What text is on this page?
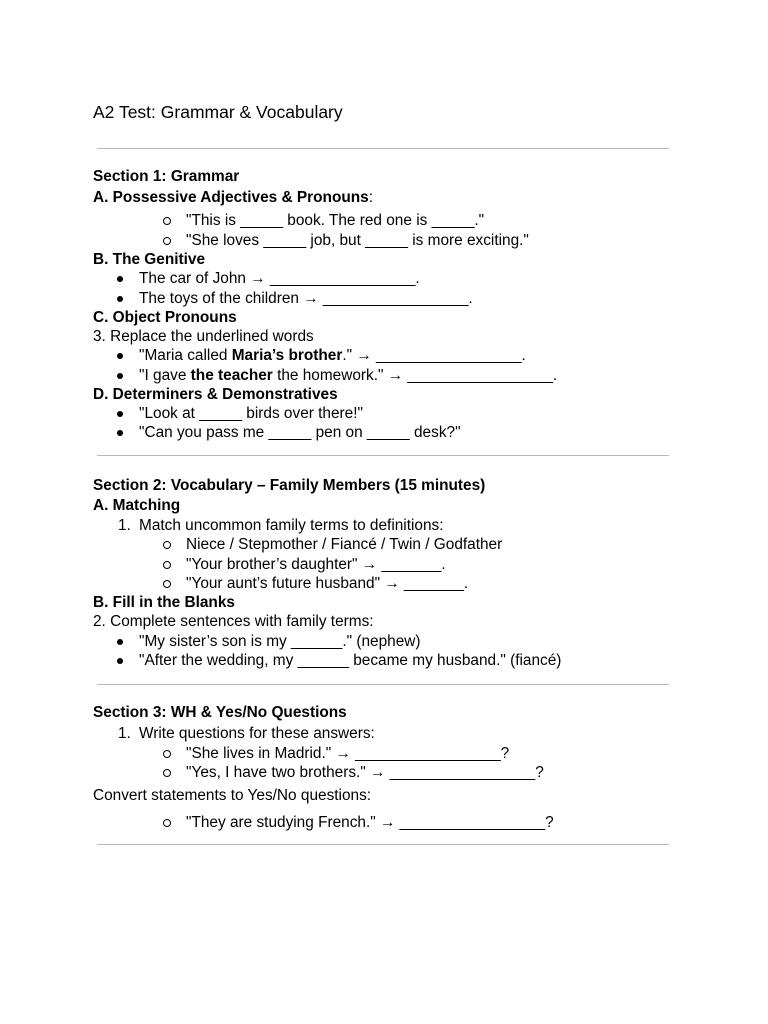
A2 Test: Grammar & Vocabulary
Section 1: Grammar
A. Possessive Adjectives & Pronouns:
"This is _____ book. The red one is _____."
"She loves _____ job, but _____ is more exciting."
B. The Genitive
The car of John → _________________.
The toys of the children → _________________.
C. Object Pronouns
3. Replace the underlined words
"Maria called Maria’s brother." → _________________.
"I gave the teacher the homework." → _________________.
D. Determiners & Demonstratives
"Look at _____ birds over there!"
"Can you pass me _____ pen on _____ desk?"
Section 2: Vocabulary – Family Members (15 minutes)
A. Matching
1. Match uncommon family terms to definitions:
Niece / Stepmother / Fiancé / Twin / Godfather
"Your brother’s daughter" → _______.
"Your aunt’s future husband" → _______.
B. Fill in the Blanks
2. Complete sentences with family terms:
"My sister’s son is my ______." (nephew)
"After the wedding, my ______ became my husband." (fiancé)
Section 3: WH & Yes/No Questions
1. Write questions for these answers:
"She lives in Madrid." → _________________?
"Yes, I have two brothers." → _________________?
Convert statements to Yes/No questions:
"They are studying French." → _________________?
